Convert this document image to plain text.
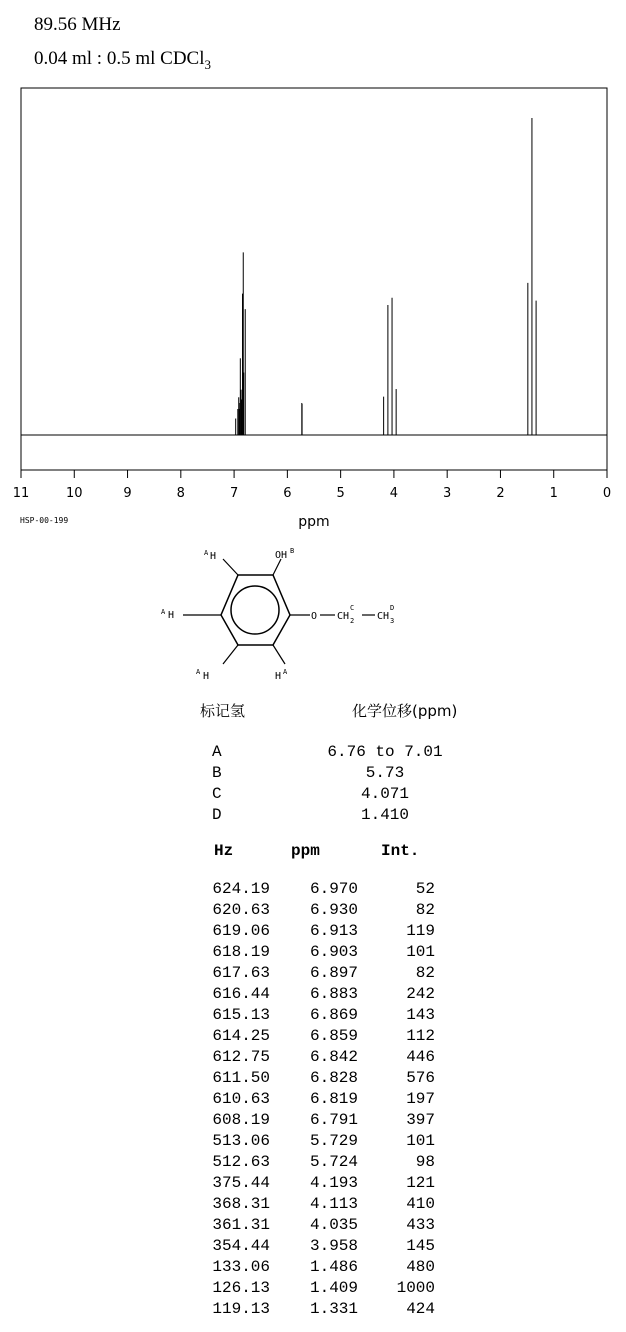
89.56 MHz
0.04 ml : 0.5 ml CDCl$_3$
11	10	9	8	7	6	5	4	3	2	1	0
ppm
HSP-00-199
A H	OH B
A H
A H	H A
O CH 2
C
CH 3
D
标记氢	化学位移(ppm)
A	6.76 to 7.01
B	5.73
C	4.071
D	1.410
Hz	ppm	Int.
624.19 6.970	52
620.63 6.930	82
619.06 6.913	119
618.19 6.903	101
617.63 6.897	82
616.44 6.883	242
615.13 6.869	143
614.25 6.859	112
612.75 6.842	446
611.50 6.828	576
610.63 6.819	197
608.19 6.791	397
513.06 5.729	101
512.63 5.724	98
375.44 4.193	121
368.31 4.113	410
361.31 4.035	433
354.44 3.958	145
133.06 1.486	480
126.13 1.409 1000
119.13 1.331	424
